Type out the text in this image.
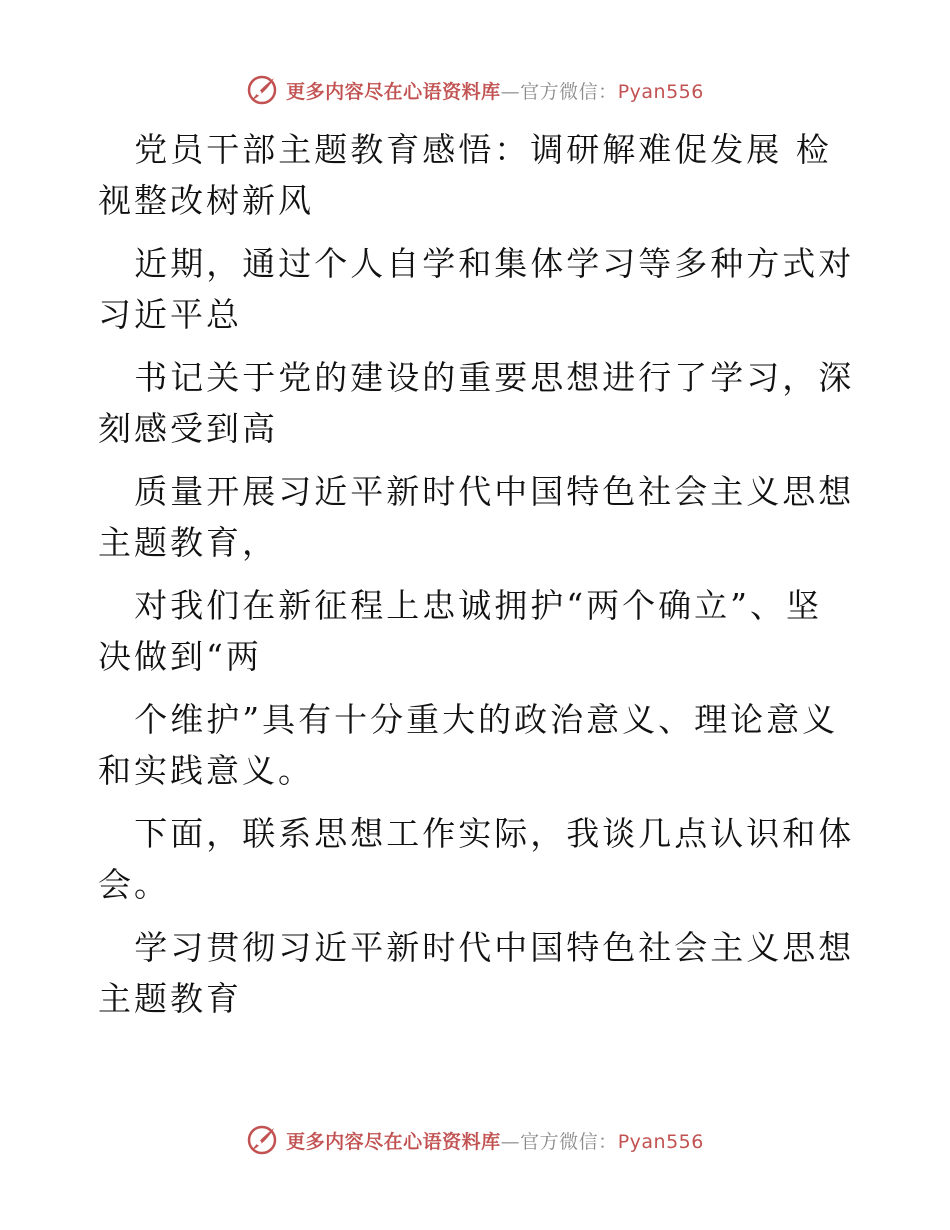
更多内容尽在心语资料库—官方微信：Pyan556

党员干部主题教育感悟：调研解难促发展 检视整改树新风

近期，通过个人自学和集体学习等多种方式对习近平总

书记关于党的建设的重要思想进行了学习，深刻感受到高

质量开展习近平新时代中国特色社会主义思想主题教育，

对我们在新征程上忠诚拥护“两个确立”、坚决做到“两

个维护”具有十分重大的政治意义、理论意义和实践意义。

下面，联系思想工作实际，我谈几点认识和体会。

学习贯彻习近平新时代中国特色社会主义思想主题教育

更多内容尽在心语资料库—官方微信：Pyan556
